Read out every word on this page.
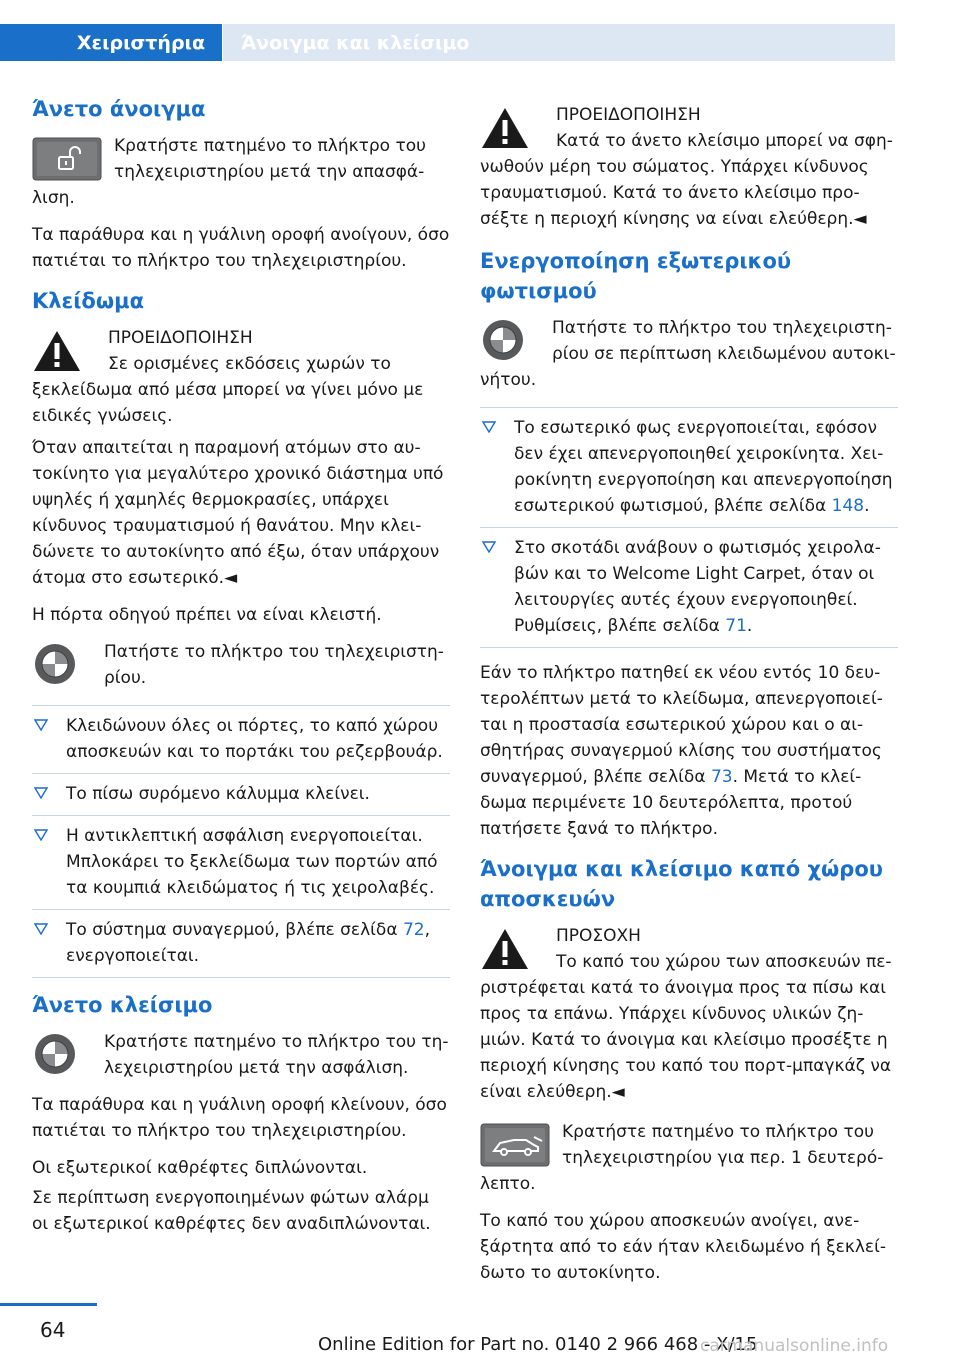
Χειριστήρια	Άνοιγμα και κλείσιμο
Άνετο άνοιγμα

Κρατήστε πατημένο το πλήκτρο του τηλεχειριστηρίου μετά την απασφάλιση.

Τα παράθυρα και η γυάλινη οροφή ανοίγουν, όσο πατιέται το πλήκτρο του τηλεχειριστηρίου.

Κλείδωμα
ΠΡΟΕΙΔΟΠΟΙΗΣΗ

Σε ορισμένες εκδόσεις χωρών το ξεκλείδωμα από μέσα μπορεί να γίνει μόνο με ειδικές γνώσεις.

Όταν απαιτείται η παραμονή ατόμων στο αυτοκίνητο για μεγαλύτερο χρονικό διάστημα υπό υψηλές ή χαμηλές θερμοκρασίες, υπάρχει κίνδυνος τραυματισμού ή θανάτου. Μην κλειδώνετε το αυτοκίνητο από έξω, όταν υπάρχουν άτομα στο εσωτερικό.◄

Η πόρτα οδηγού πρέπει να είναι κλειστή.

Πατήστε το πλήκτρο του τηλεχειριστηρίου.

Κλειδώνουν όλες οι πόρτες, το καπό χώρου αποσκευών και το πορτάκι του ρεζερβουάρ.
Το πίσω συρόμενο κάλυμμα κλείνει.
Η αντικλεπτική ασφάλιση ενεργοποιείται. Μπλοκάρει το ξεκλείδωμα των πορτών από τα κουμπιά κλειδώματος ή τις χειρολαβές.
Το σύστημα συναγερμού, βλέπε σελίδα 72, ενεργοποιείται.
Άνετο κλείσιμο

Κρατήστε πατημένο το πλήκτρο του τηλεχειριστηρίου μετά την ασφάλιση.

Τα παράθυρα και η γυάλινη οροφή κλείνουν, όσο πατιέται το πλήκτρο του τηλεχειριστηρίου.

Οι εξωτερικοί καθρέφτες διπλώνονται.

Σε περίπτωση ενεργοποιημένων φώτων αλάρμ οι εξωτερικοί καθρέφτες δεν αναδιπλώνονται.

ΠΡΟΕΙΔΟΠΟΙΗΣΗ

Κατά το άνετο κλείσιμο μπορεί να σφηνωθούν μέρη του σώματος. Υπάρχει κίνδυνος τραυματισμού. Κατά το άνετο κλείσιμο προσέξτε η περιοχή κίνησης να είναι ελεύθερη.◄

Ενεργοποίηση εξωτερικού φωτισμού

Πατήστε το πλήκτρο του τηλεχειριστηρίου σε περίπτωση κλειδωμένου αυτοκινήτου.

Το εσωτερικό φως ενεργοποιείται, εφόσον δεν έχει απενεργοποιηθεί χειροκίνητα. Χειροκίνητη ενεργοποίηση και απενεργοποίηση εσωτερικού φωτισμού, βλέπε σελίδα 148.
Στο σκοτάδι ανάβουν ο φωτισμός χειρολαβών και το Welcome Light Carpet, όταν οι λειτουργίες αυτές έχουν ενεργοποιηθεί. Ρυθμίσεις, βλέπε σελίδα 71.

Εάν το πλήκτρο πατηθεί εκ νέου εντός 10 δευτερολέπτων μετά το κλείδωμα, απενεργοποιείται η προστασία εσωτερικού χώρου και ο αισθητήρας συναγερμού κλίσης του συστήματος συναγερμού, βλέπε σελίδα 73. Μετά το κλείδωμα περιμένετε 10 δευτερόλεπτα, προτού πατήσετε ξανά το πλήκτρο.

Άνοιγμα και κλείσιμο καπό χώρου αποσκευών
ΠΡΟΣΟΧΗ

Το καπό του χώρου των αποσκευών περιστρέφεται κατά το άνοιγμα προς τα πίσω και προς τα επάνω. Υπάρχει κίνδυνος υλικών ζημιών. Κατά το άνοιγμα και κλείσιμο προσέξτε η περιοχή κίνησης του καπό του πορτ-μπαγκάζ να είναι ελεύθερη.◄

Κρατήστε πατημένο το πλήκτρο του τηλεχειριστηρίου για περ. 1 δευτερόλεπτο.

Το καπό του χώρου αποσκευών ανοίγει, ανεξάρτητα από το εάν ήταν κλειδωμένο ή ξεκλείδωτο το αυτοκίνητο.

64
Online Edition for Part no. 0140 2 966 468 - X/15
carmanualsonline.info
